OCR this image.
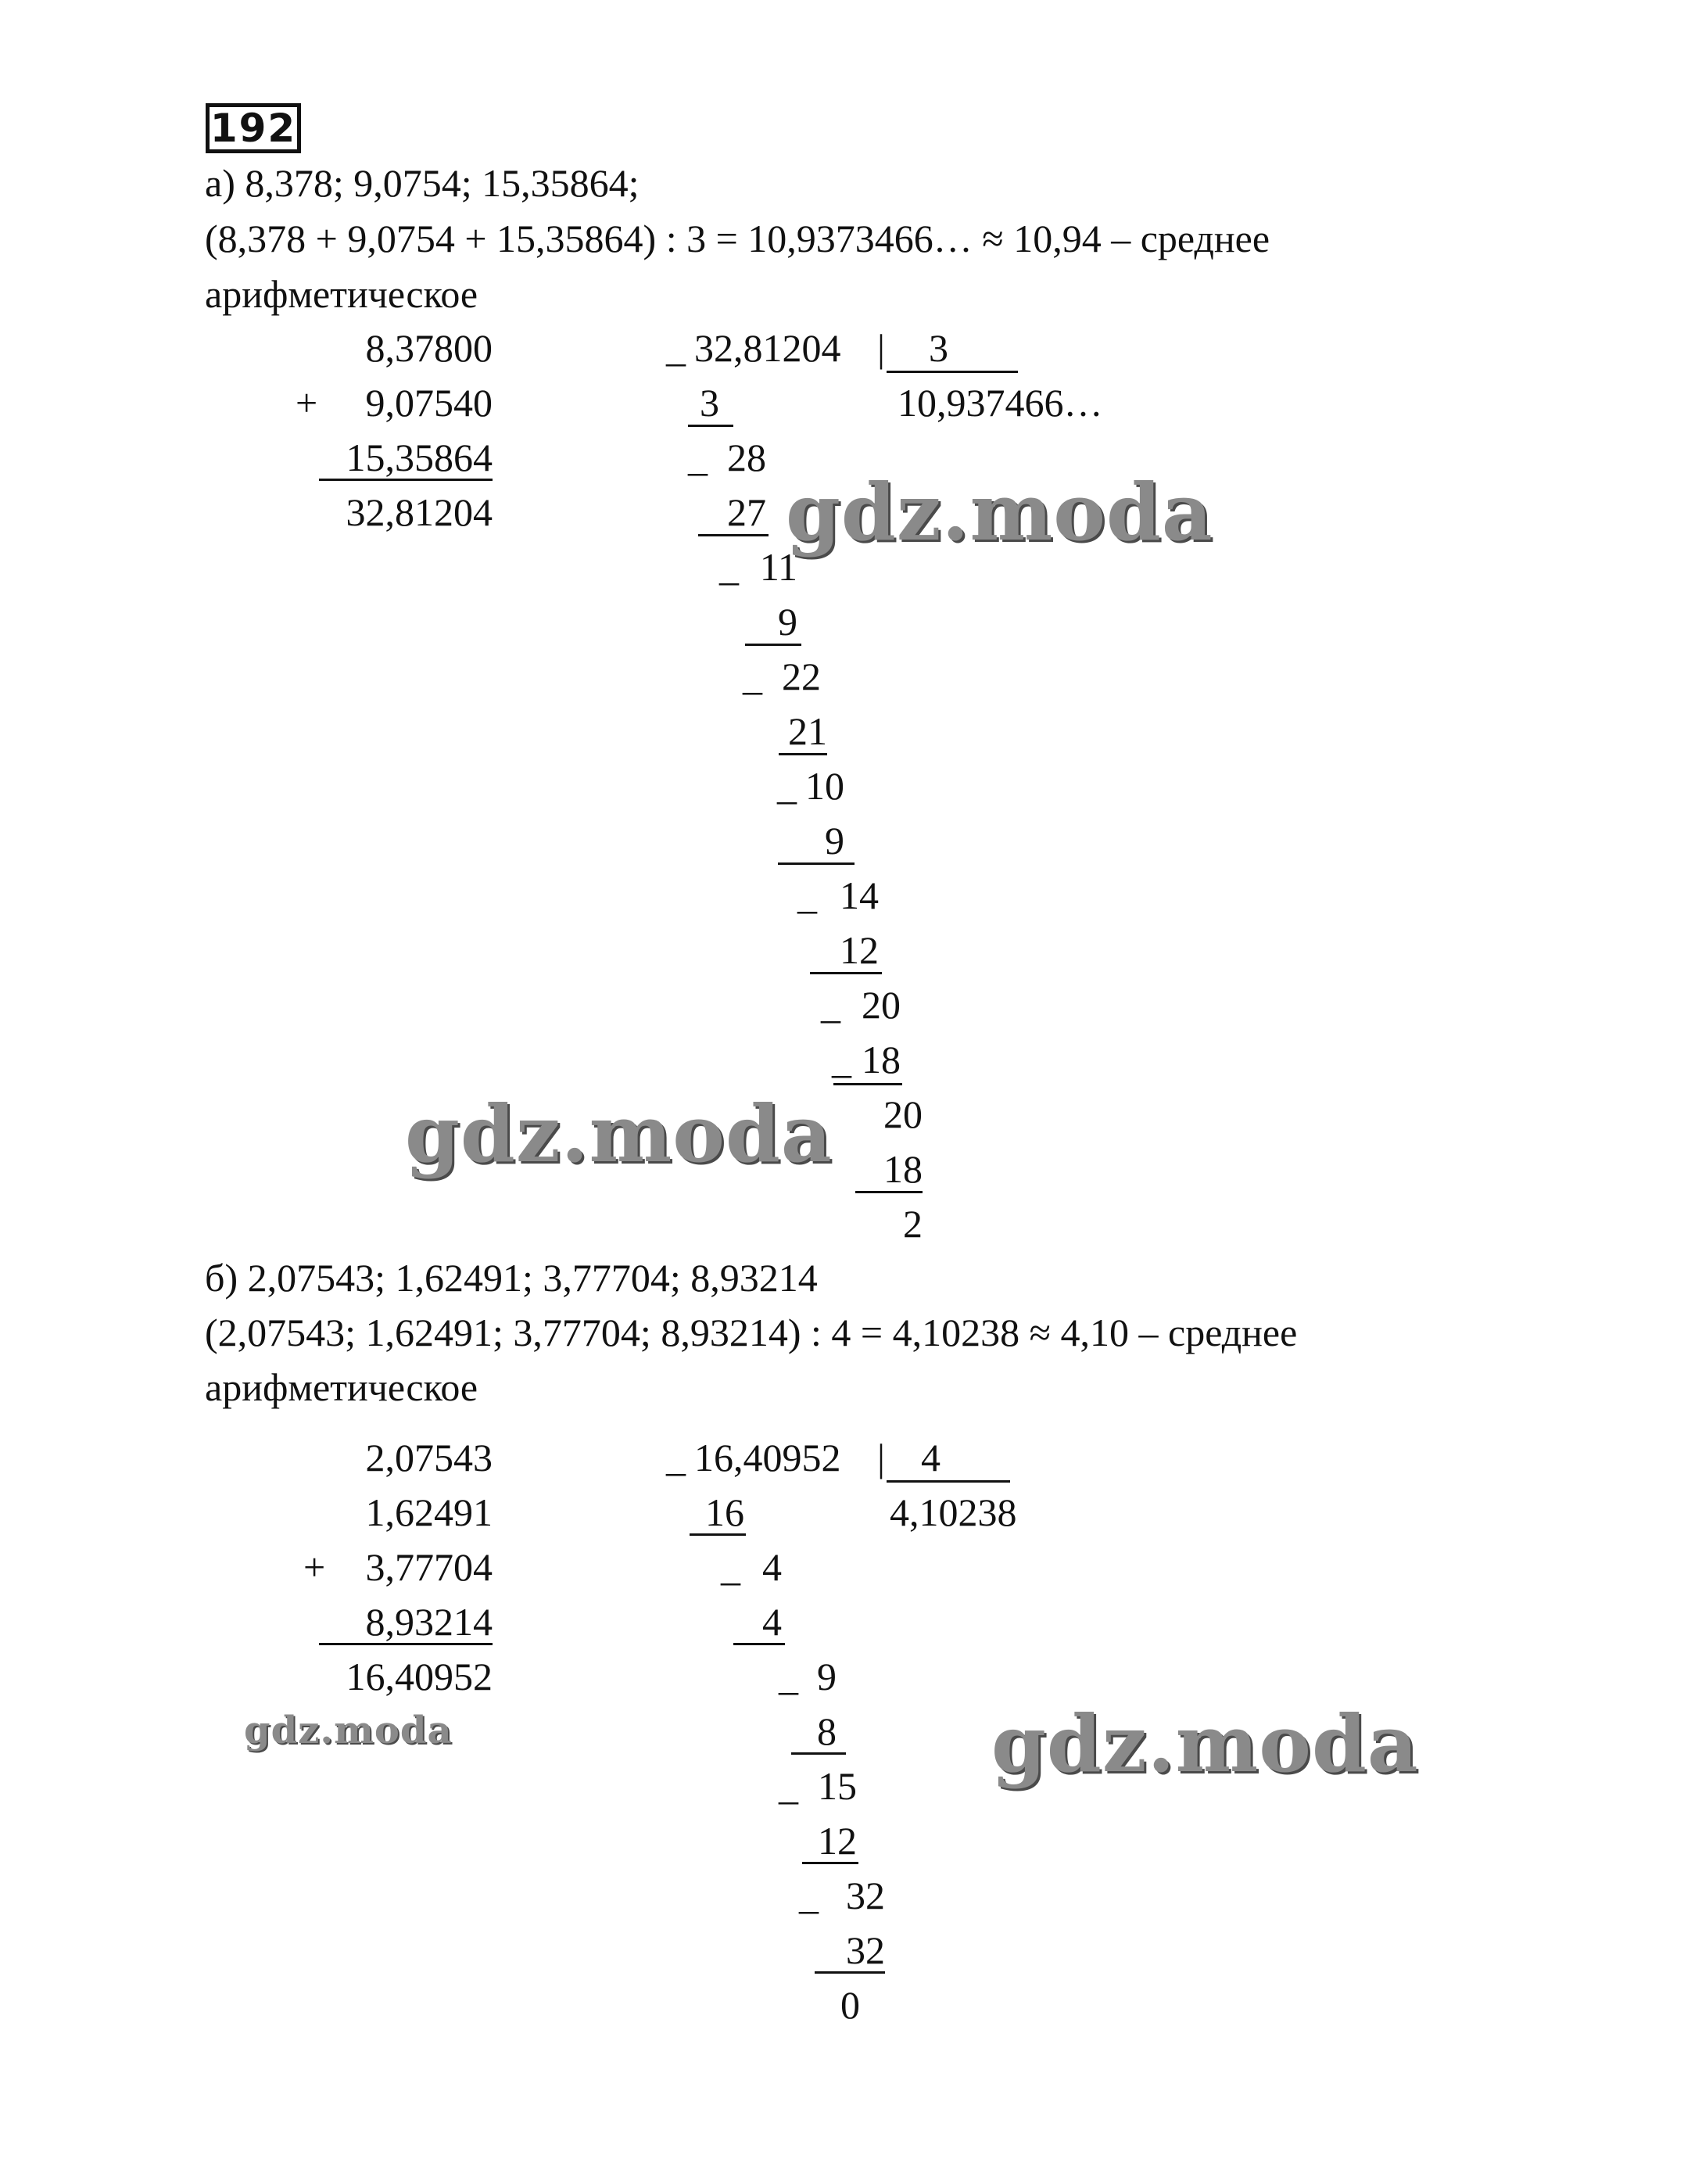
192
а) 8,378; 9,0754; 15,35864;
(8,378 + 9,0754 + 15,35864) : 3 = 10,9373466… ≈ 10,94 – среднее
арифметическое
8,37800
+	9,07540
15,35864
32,81204
_ 32,81204 | 3
10,937466…
3
_ 28
27
_ 11
9
_ 22
21
_ 10
9
_ 14
12
_ 20
_ 18
20
18
2
б) 2,07543; 1,62491; 3,77704; 8,93214
(2,07543; 1,62491; 3,77704; 8,93214) : 4 = 4,10238 ≈ 4,10 – среднее
арифметическое
2,07543
1,62491
+	3,77704
8,93214
16,40952
_ 16,40952 | 4
4,10238
16
_ 4
4
_ 9
8
_ 15
12
_ 32
32
0
gdz.moda
gdz.moda
gdz.moda	gdz.moda
